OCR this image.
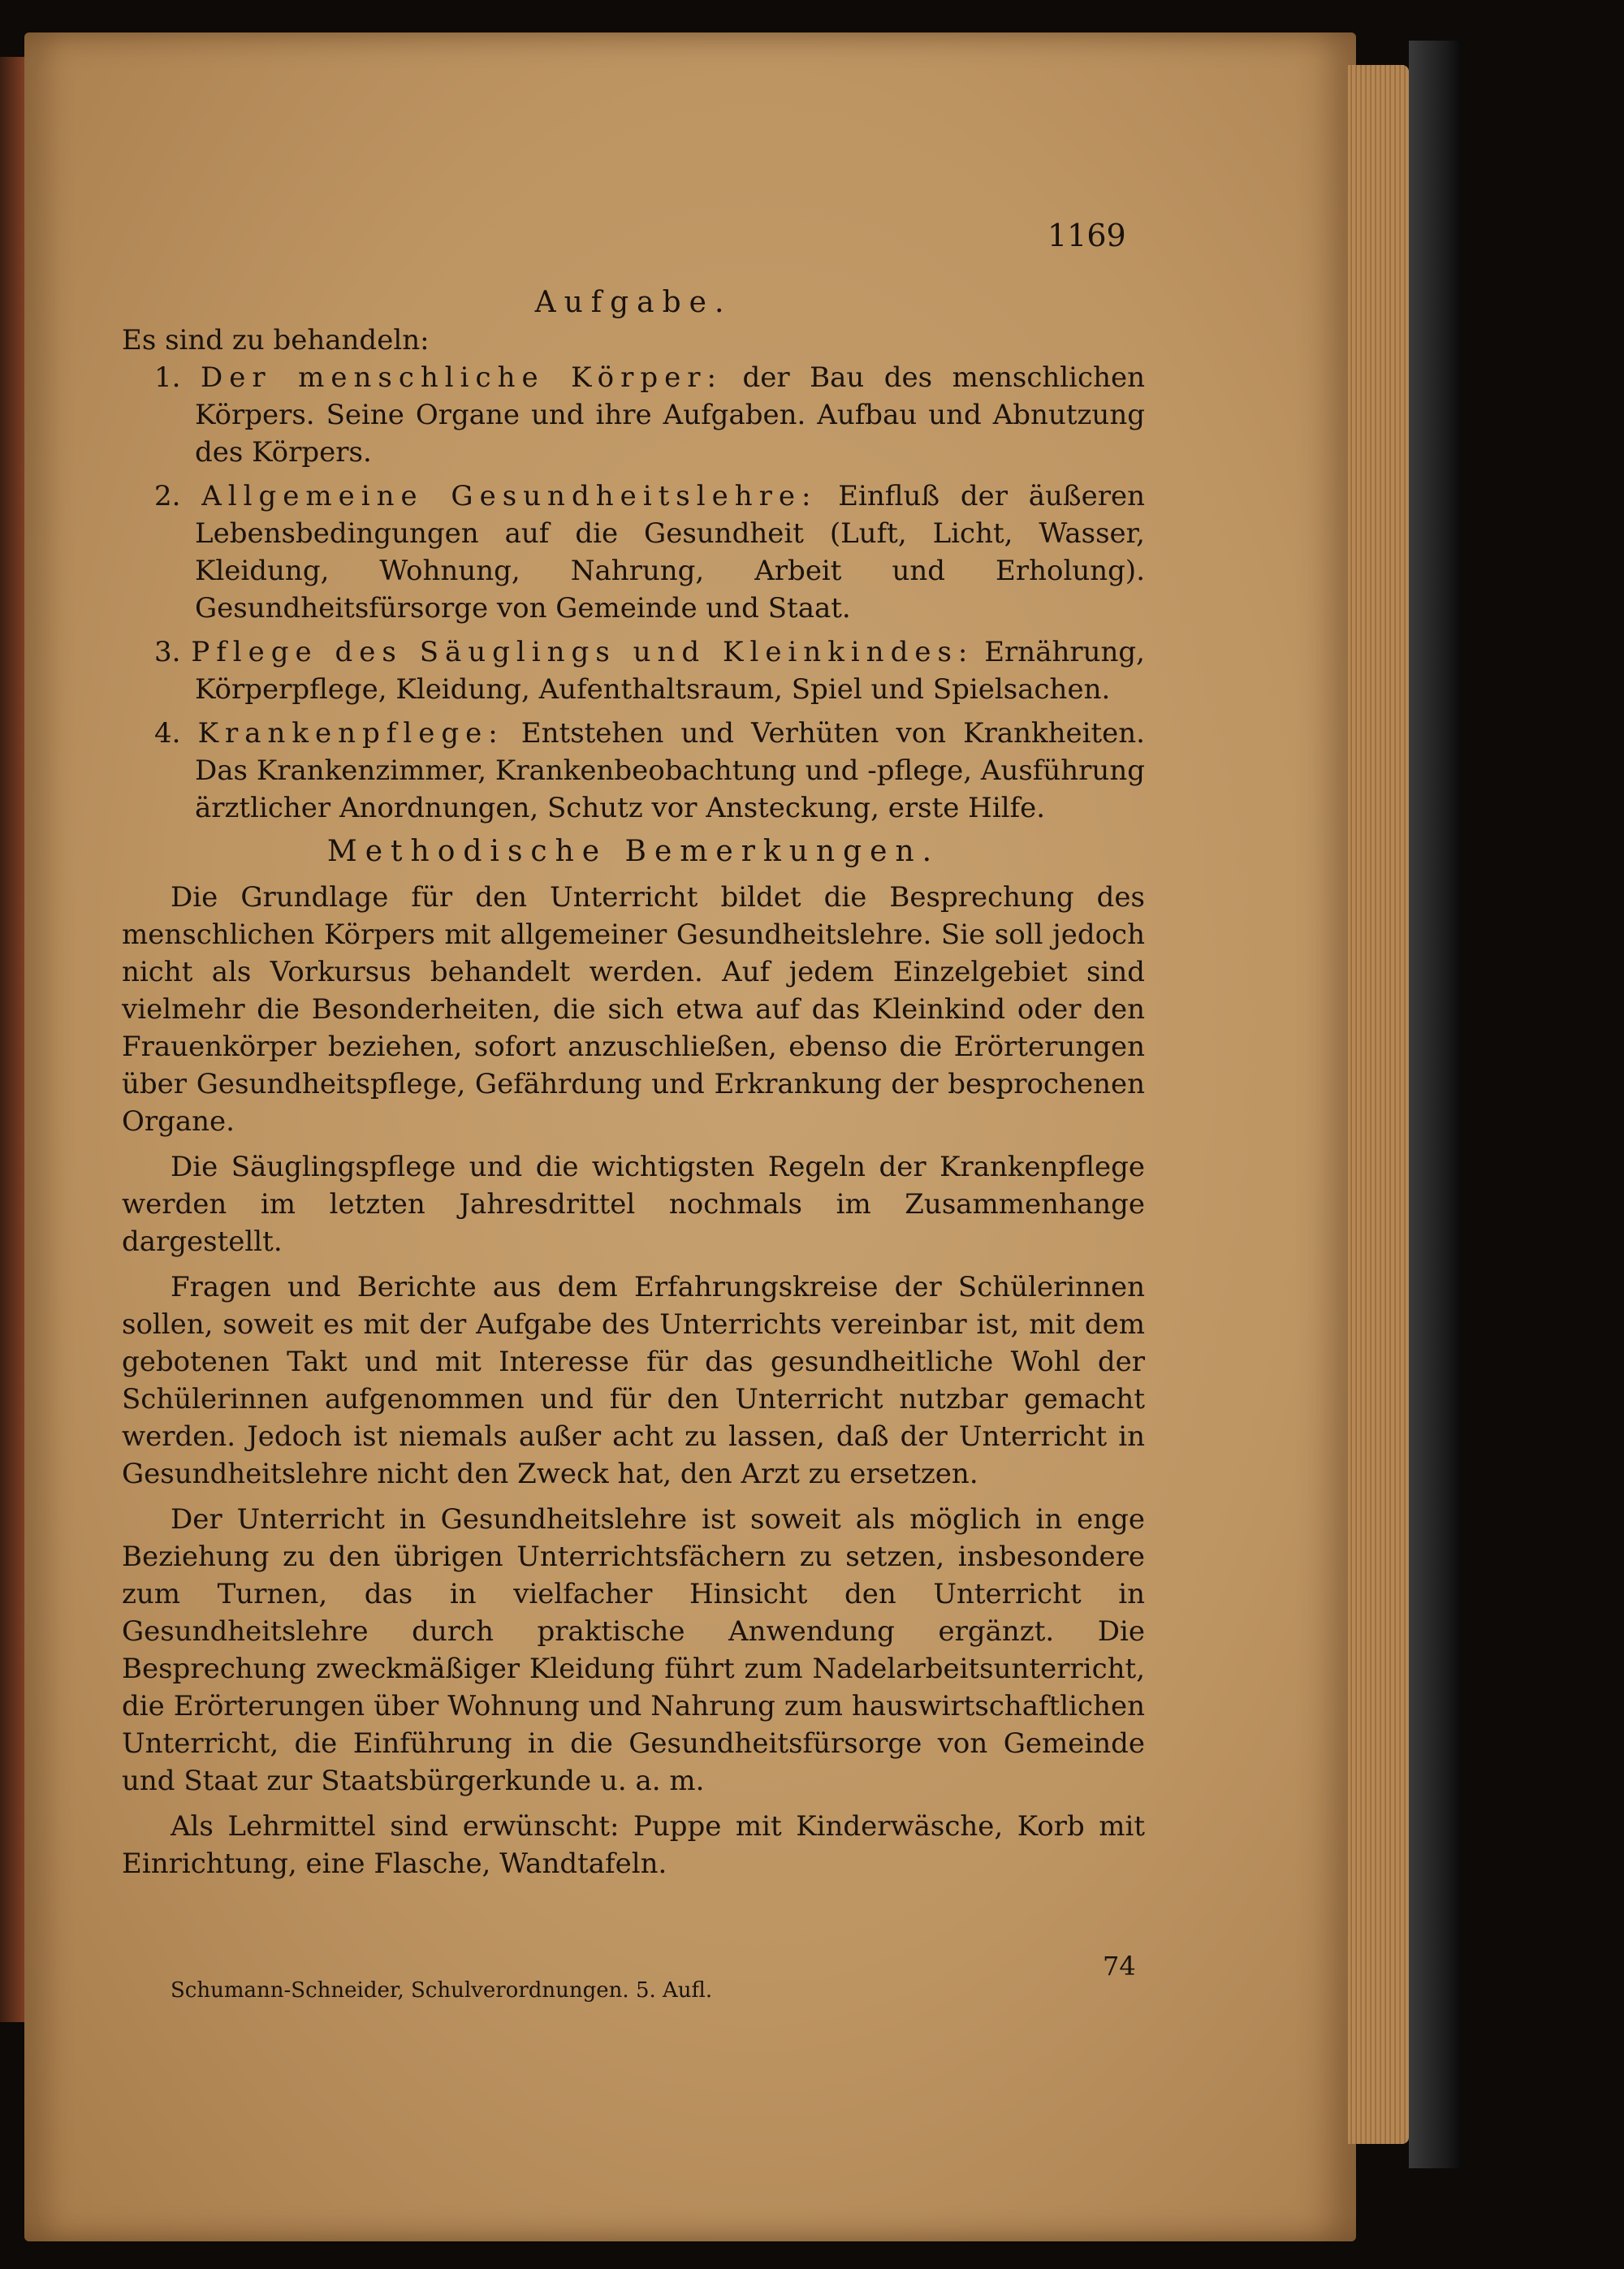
1169

Aufgabe.

Es sind zu behandeln:

1. Der menschliche Körper: der Bau des menschlichen Körpers. Seine Organe und ihre Aufgaben. Aufbau und Abnutzung des Körpers.

2. Allgemeine Gesundheitslehre: Einfluß der äußeren Lebensbedingungen auf die Gesundheit (Luft, Licht, Wasser, Kleidung, Wohnung, Nahrung, Arbeit und Erholung). Gesundheitsfürsorge von Gemeinde und Staat.

3. Pflege des Säuglings und Kleinkindes: Ernährung, Körperpflege, Kleidung, Aufenthaltsraum, Spiel und Spielsachen.

4. Krankenpflege: Entstehen und Verhüten von Krankheiten. Das Krankenzimmer, Krankenbeobachtung und -pflege, Ausführung ärztlicher Anordnungen, Schutz vor Ansteckung, erste Hilfe.

Methodische Bemerkungen.

Die Grundlage für den Unterricht bildet die Besprechung des menschlichen Körpers mit allgemeiner Gesundheitslehre. Sie soll jedoch nicht als Vorkursus behandelt werden. Auf jedem Einzelgebiet sind vielmehr die Besonderheiten, die sich etwa auf das Kleinkind oder den Frauenkörper beziehen, sofort anzuschließen, ebenso die Erörterungen über Gesundheitspflege, Gefährdung und Erkrankung der besprochenen Organe.

Die Säuglingspflege und die wichtigsten Regeln der Krankenpflege werden im letzten Jahresdrittel nochmals im Zusammenhange dargestellt.

Fragen und Berichte aus dem Erfahrungskreise der Schülerinnen sollen, soweit es mit der Aufgabe des Unterrichts vereinbar ist, mit dem gebotenen Takt und mit Interesse für das gesundheitliche Wohl der Schülerinnen aufgenommen und für den Unterricht nutzbar gemacht werden. Jedoch ist niemals außer acht zu lassen, daß der Unterricht in Gesundheitslehre nicht den Zweck hat, den Arzt zu ersetzen.

Der Unterricht in Gesundheitslehre ist soweit als möglich in enge Beziehung zu den übrigen Unterrichtsfächern zu setzen, insbesondere zum Turnen, das in vielfacher Hinsicht den Unterricht in Gesundheitslehre durch praktische Anwendung ergänzt. Die Besprechung zweckmäßiger Kleidung führt zum Nadelarbeitsunterricht, die Erörterungen über Wohnung und Nahrung zum hauswirtschaftlichen Unterricht, die Einführung in die Gesundheitsfürsorge von Gemeinde und Staat zur Staatsbürgerkunde u. a. m.

Als Lehrmittel sind erwünscht: Puppe mit Kinderwäsche, Korb mit Einrichtung, eine Flasche, Wandtafeln.

Schumann-Schneider, Schulverordnungen. 5. Aufl.
74
